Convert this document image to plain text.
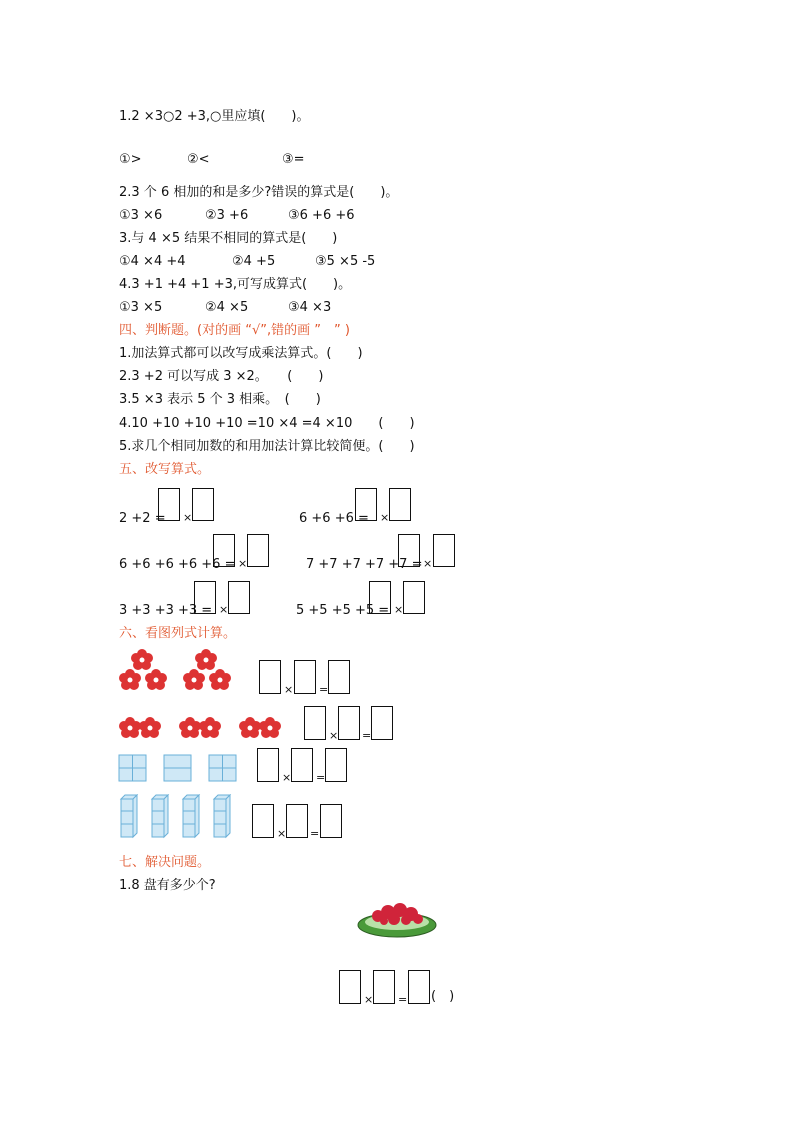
1.2 ×3○2 +3,○里应填(　　)。
①>	②<	③=
2.3 个 6 相加的和是多少?错误的算式是(　　)。
①3 ×6	②3 +6	③6 +6 +6
3.与 4 ×5 结果不相同的算式是(　　)
①4 ×4 +4	②4 +5	③5 ×5 -5
4.3 +1 +4 +1 +3,可写成算式(　　)。
①3 ×5	②4 ×5	③4 ×3
四、判断题。(对的画 “√”,错的画 ”　” )
1.加法算式都可以改写成乘法算式。(　　)
2.3 +2 可以写成 3 ×2。　　(　　)
3.5 ×3 表示 5 个 3 相乘。　(　　)
4.10 +10 +10 +10 =10 ×4 =4 ×10　　(　　)
5.求几个相同加数的和用加法计算比较简便。(　　)
五、改写算式。
2 +2 = ×	6 +6 +6 = ×
6 +6 +6 +6 +6 = ×	7 +7 +7 +7 +7 = ×
3 +3 +3 +3 = ×	5 +5 +5 +5 = ×
六、看图列式计算。
× =
× =
× =
× =
七、解决问题。
1.8 盘有多少个?
× = (　)
